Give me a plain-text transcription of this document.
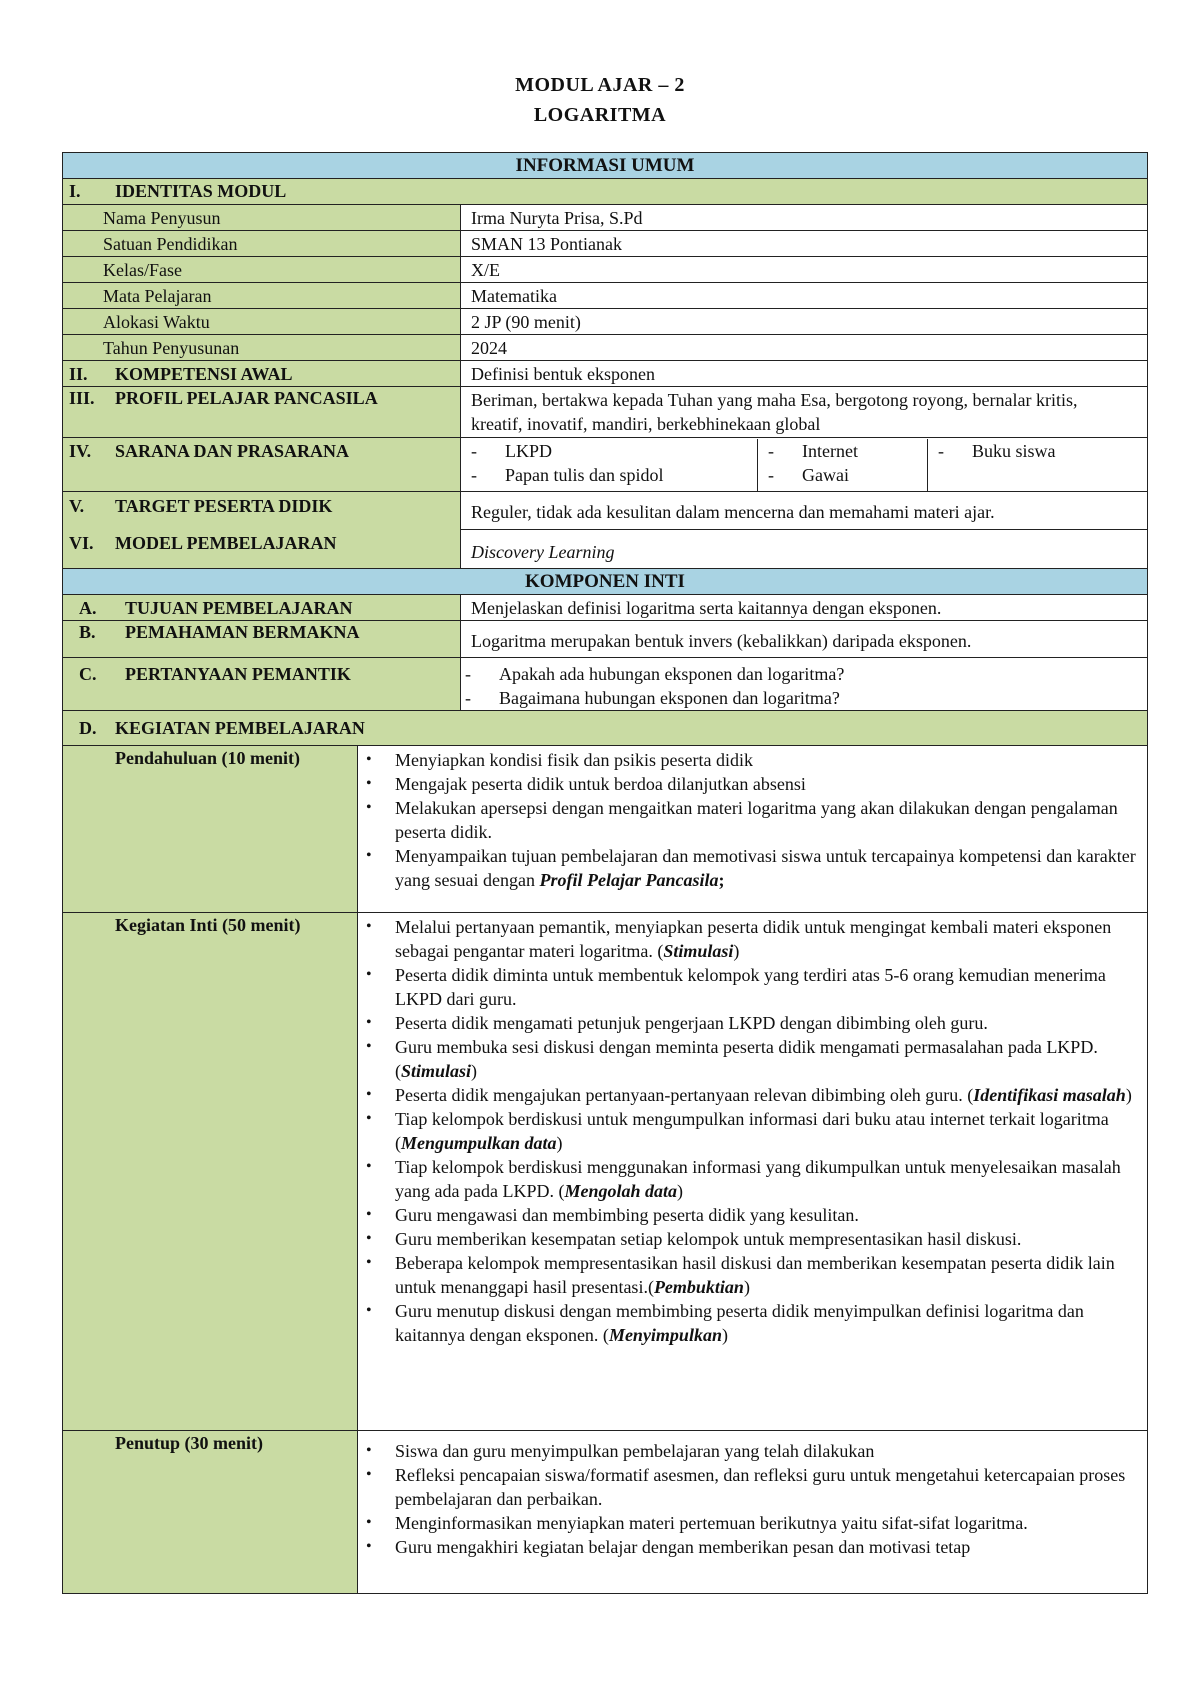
MODUL AJAR – 2
LOGARITMA
INFORMASI UMUM
I.	IDENTITAS MODUL
Nama Penyusun	Irma Nuryta Prisa, S.Pd
Satuan Pendidikan	SMAN 13 Pontianak
Kelas/Fase	X/E
Mata Pelajaran	Matematika
Alokasi Waktu	2 JP (90 menit)
Tahun Penyusunan	2024
II. KOMPETENSI AWAL	Definisi bentuk eksponen
III. PROFIL PELAJAR PANCASILA	Beriman, bertakwa kepada Tuhan yang maha Esa, bergotong royong, bernalar kritis, kreatif, inovatif, mandiri, berkebhinekaan global
IV. SARANA DAN PRASARANA	- LKPD
- Papan tulis dan spidol
- Internet
- Gawai
- Buku siswa
V. TARGET PESERTA DIDIK	Reguler, tidak ada kesulitan dalam mencerna dan memahami materi ajar.
VI. MODEL PEMBELAJARAN	Discovery Learning
KOMPONEN INTI
A. TUJUAN PEMBELAJARAN	Menjelaskan definisi logaritma serta kaitannya dengan eksponen.
B. PEMAHAMAN BERMAKNA	Logaritma merupakan bentuk invers (kebalikkan) daripada eksponen.
C. PERTANYAAN PEMANTIK	- Apakah ada hubungan eksponen dan logaritma?
- Bagaimana hubungan eksponen dan logaritma?
D.	KEGIATAN PEMBELAJARAN
Pendahuluan (10 menit)	• Menyiapkan kondisi fisik dan psikis peserta didik
• Mengajak peserta didik untuk berdoa dilanjutkan absensi
• Melakukan apersepsi dengan mengaitkan materi logaritma yang akan dilakukan dengan pengalaman peserta didik.
• Menyampaikan tujuan pembelajaran dan memotivasi siswa untuk tercapainya kompetensi dan karakter yang sesuai dengan Profil Pelajar Pancasila;
Kegiatan Inti (50 menit)	• Melalui pertanyaan pemantik, menyiapkan peserta didik untuk mengingat kembali materi eksponen sebagai pengantar materi logaritma. (Stimulasi)
• Peserta didik diminta untuk membentuk kelompok yang terdiri atas 5-6 orang kemudian menerima LKPD dari guru.
• Peserta didik mengamati petunjuk pengerjaan LKPD dengan dibimbing oleh guru.
• Guru membuka sesi diskusi dengan meminta peserta didik mengamati permasalahan pada LKPD. (Stimulasi)
• Peserta didik mengajukan pertanyaan-pertanyaan relevan dibimbing oleh guru. (Identifikasi masalah)
• Tiap kelompok berdiskusi untuk mengumpulkan informasi dari buku atau internet terkait logaritma (Mengumpulkan data)
• Tiap kelompok berdiskusi menggunakan informasi yang dikumpulkan untuk menyelesaikan masalah yang ada pada LKPD. (Mengolah data)
• Guru mengawasi dan membimbing peserta didik yang kesulitan.
• Guru memberikan kesempatan setiap kelompok untuk mempresentasikan hasil diskusi.
• Beberapa kelompok mempresentasikan hasil diskusi dan memberikan kesempatan peserta didik lain untuk menanggapi hasil presentasi.(Pembuktian)
• Guru menutup diskusi dengan membimbing peserta didik menyimpulkan definisi logaritma dan kaitannya dengan eksponen. (Menyimpulkan)
Penutup (30 menit)	• Siswa dan guru menyimpulkan pembelajaran yang telah dilakukan
• Refleksi pencapaian siswa/formatif asesmen, dan refleksi guru untuk mengetahui ketercapaian proses pembelajaran dan perbaikan.
• Menginformasikan menyiapkan materi pertemuan berikutnya yaitu sifat-sifat logaritma.
• Guru mengakhiri kegiatan belajar dengan memberikan pesan dan motivasi tetap
